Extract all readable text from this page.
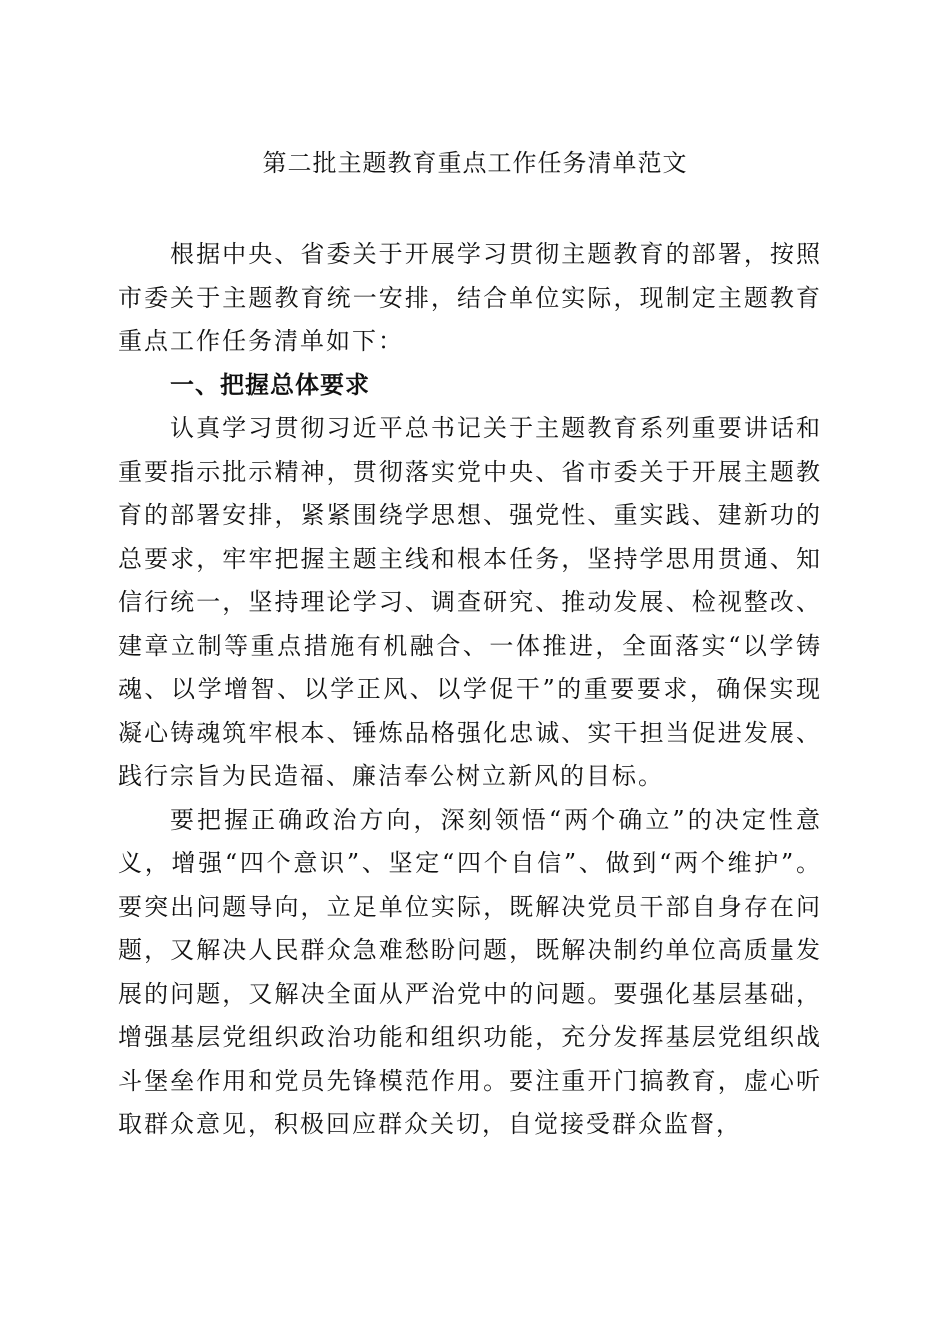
第二批主题教育重点工作任务清单范文

根据中央、省委关于开展学习贯彻主题教育的部署，按照市委关于主题教育统一安排，结合单位实际，现制定主题教育重点工作任务清单如下：

一、把握总体要求

认真学习贯彻习近平总书记关于主题教育系列重要讲话和重要指示批示精神，贯彻落实党中央、省市委关于开展主题教育的部署安排，紧紧围绕学思想、强党性、重实践、建新功的总要求，牢牢把握主题主线和根本任务，坚持学思用贯通、知信行统一，坚持理论学习、调查研究、推动发展、检视整改、建章立制等重点措施有机融合、一体推进，全面落实“以学铸魂、以学增智、以学正风、以学促干”的重要要求，确保实现凝心铸魂筑牢根本、锤炼品格强化忠诚、实干担当促进发展、践行宗旨为民造福、廉洁奉公树立新风的目标。

要把握正确政治方向，深刻领悟“两个确立”的决定性意义，增强“四个意识”、坚定“四个自信”、做到“两个维护”。要突出问题导向，立足单位实际，既解决党员干部自身存在问题，又解决人民群众急难愁盼问题，既解决制约单位高质量发展的问题，又解决全面从严治党中的问题。要强化基层基础，增强基层党组织政治功能和组织功能，充分发挥基层党组织战斗堡垒作用和党员先锋模范作用。要注重开门搞教育，虚心听取群众意见，积极回应群众关切，自觉接受群众监督，
